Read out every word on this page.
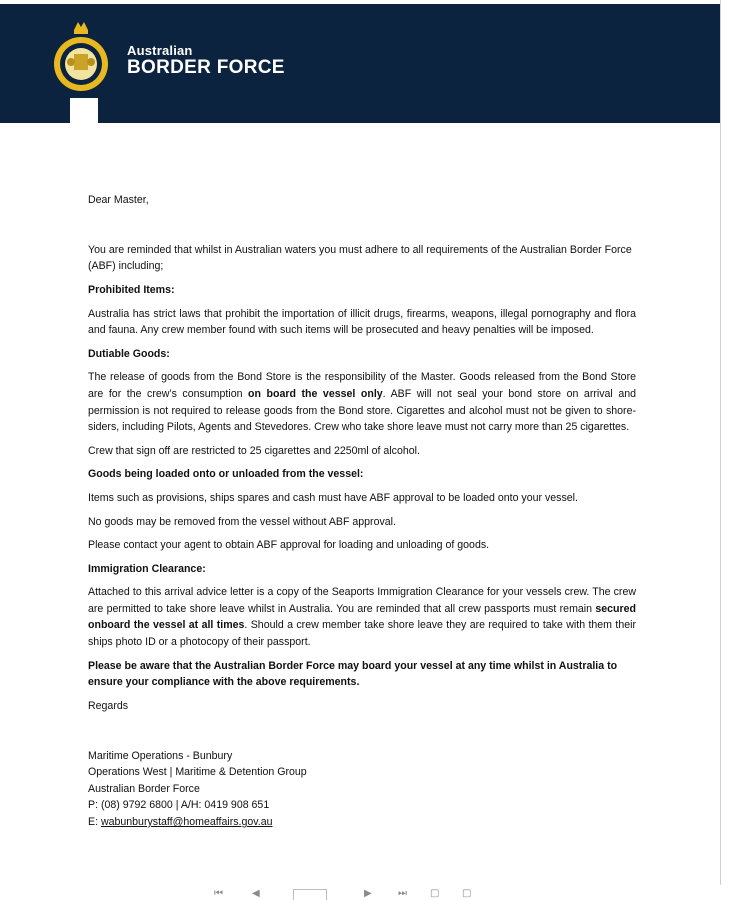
Australian
BORDER FORCE

Dear Master,

You are reminded that whilst in Australian waters you must adhere to all requirements of the Australian Border Force (ABF) including;

Prohibited Items:

Australia has strict laws that prohibit the importation of illicit drugs, firearms, weapons, illegal pornography and flora and fauna. Any crew member found with such items will be prosecuted and heavy penalties will be imposed.

Dutiable Goods:

The release of goods from the Bond Store is the responsibility of the Master. Goods released from the Bond Store are for the crew’s consumption on board the vessel only. ABF will not seal your bond store on arrival and permission is not required to release goods from the Bond store. Cigarettes and alcohol must not be given to shore-siders, including Pilots, Agents and Stevedores. Crew who take shore leave must not carry more than 25 cigarettes.

Crew that sign off are restricted to 25 cigarettes and 2250ml of alcohol.

Goods being loaded onto or unloaded from the vessel:

Items such as provisions, ships spares and cash must have ABF approval to be loaded onto your vessel.

No goods may be removed from the vessel without ABF approval.

Please contact your agent to obtain ABF approval for loading and unloading of goods.

Immigration Clearance:

Attached to this arrival advice letter is a copy of the Seaports Immigration Clearance for your vessels crew. The crew are permitted to take shore leave whilst in Australia. You are reminded that all crew passports must remain secured onboard the vessel at all times. Should a crew member take shore leave they are required to take with them their ships photo ID or a photocopy of their passport.

Please be aware that the Australian Border Force may board your vessel at any time whilst in Australia to ensure your compliance with the above requirements.

Regards

Maritime Operations - Bunbury

Operations West | Maritime & Detention Group

Australian Border Force

P: (08) 9792 6800 | A/H: 0419 908 651

E: wabunburystaff@homeaffairs.gov.au

⏮	◀	▶	⏭ ▢ ▢
